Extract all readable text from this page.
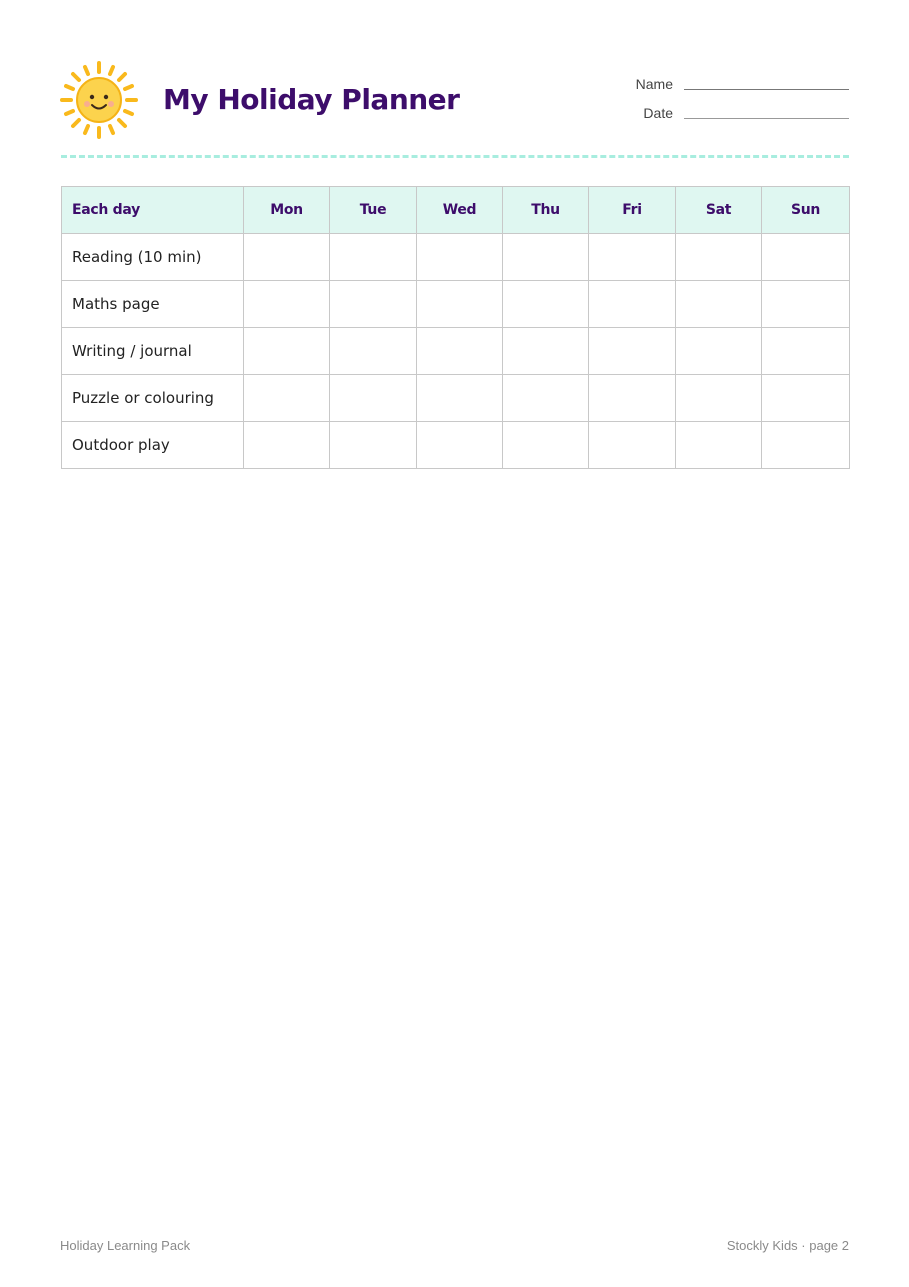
My Holiday Planner	Name
Date
Each day	Mon	Tue	Wed	Thu	Fri	Sat	Sun
Reading (10 min)							
Maths page							
Writing / journal							
Puzzle or colouring							
Outdoor play							
Holiday Learning Pack	Stockly Kids · page 2
